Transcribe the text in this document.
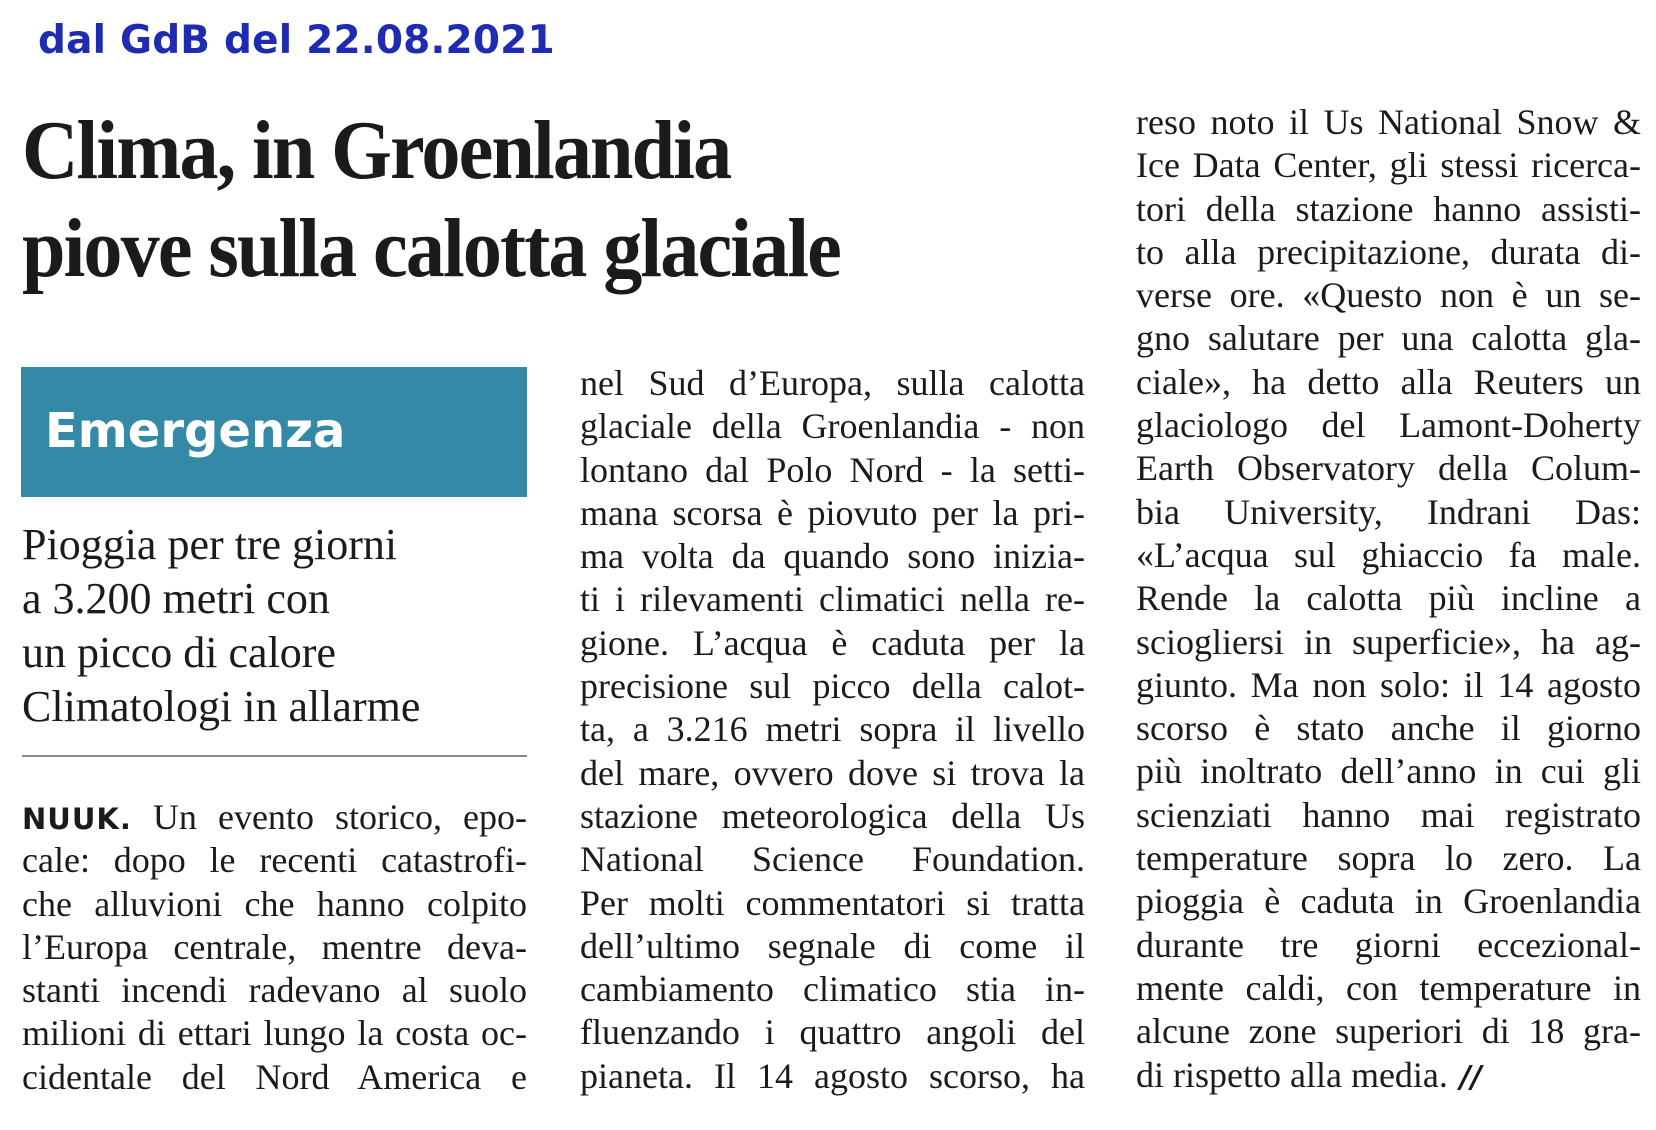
dal GdB del 22.08.2021
Clima, in Groenlandia
piove sulla calotta glaciale
Emergenza
Pioggia per tre giorni
a 3.200 metri con
un picco di calore
Climatologi in allarme
NUUK. Un evento storico, epo-
cale: dopo le recenti catastrofi-
che alluvioni che hanno colpito
l’Europa centrale, mentre deva-
stanti incendi radevano al suolo
milioni di ettari lungo la costa oc-
cidentale del Nord America e
nel Sud d’Europa, sulla calotta
glaciale della Groenlandia - non
lontano dal Polo Nord - la setti-
mana scorsa è piovuto per la pri-
ma volta da quando sono inizia-
ti i rilevamenti climatici nella re-
gione. L’acqua è caduta per la
precisione sul picco della calot-
ta, a 3.216 metri sopra il livello
del mare, ovvero dove si trova la
stazione meteorologica della Us
National Science Foundation.
Per molti commentatori si tratta
dell’ultimo segnale di come il
cambiamento climatico stia in-
fluenzando i quattro angoli del
pianeta. Il 14 agosto scorso, ha
reso noto il Us National Snow &
Ice Data Center, gli stessi ricerca-
tori della stazione hanno assisti-
to alla precipitazione, durata di-
verse ore. «Questo non è un se-
gno salutare per una calotta gla-
ciale», ha detto alla Reuters un
glaciologo del Lamont-Doherty
Earth Observatory della Colum-
bia University, Indrani Das:
«L’acqua sul ghiaccio fa male.
Rende la calotta più incline a
sciogliersi in superficie», ha ag-
giunto. Ma non solo: il 14 agosto
scorso è stato anche il giorno
più inoltrato dell’anno in cui gli
scienziati hanno mai registrato
temperature sopra lo zero. La
pioggia è caduta in Groenlandia
durante tre giorni eccezional-
mente caldi, con temperature in
alcune zone superiori di 18 gra-
di rispetto alla media. //
